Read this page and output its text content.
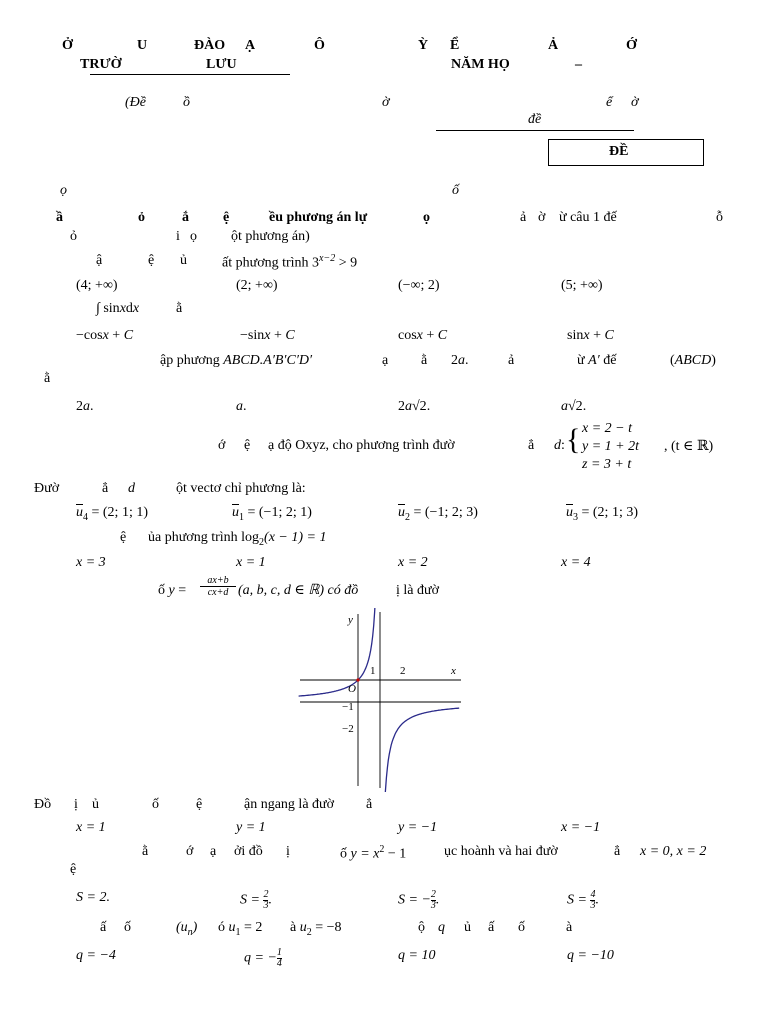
Ở	U	ĐÀO Ạ	Ô	Ỳ Ể	Ả	Ớ
TRƯỜ	LƯU	NĂM HỌ	–
(Đề	ồ	ờ	ể ờ
đề
ĐỀ
ọ	ố
ầ	ỏ	ắ ệ	ều phương án lự	ọ	ả ờ ừ câu 1 đế	ỗ
ỏ	i ọ ột phương án)
ậ	ệ ủ	ất phương trình $3^{x-2} > 9$
(4; +∞)	(2; +∞)	(−∞; 2)	(5; +∞)
∫ sinxdx	ằ
−cosx + C	−sinx + C	cosx + C	sinx + C
ập phương ABCD.A′B′C′D′	ạ ằ 2a.	ả	ừ A′ đế	(ABCD)
ằ
2a.	a.	2a√2.	a√2.
ớ ệ ạ độ Oxyz, cho phương trình đườ	ẳ d: { x = 2 − t
y = 1 + 2t
z = 3 + t
, (t ∈ ℝ)
Đườ	ẳ d	ột vectơ chỉ phương là:
$\overline{u}_4 = (2$; 1; 1)	$\overline{u}_1 = (-1$; 2; 1)	$\overline{u}_2 = (-1$; 2; 3)	$\overline{u}_3 = (2$; 1; 3)
ệ ủa phương trình $\log_2(x - 1) = 1$
x = 3	x = 1	x = 2	x = 4
ố $y = \frac{ax+b}{cx+d} (a$, b, c, d ∈ ℝ) có đồ	ị là đườ
y
x
O
1 2
−1
−2
Đồ ị ủ	ố	ệ	ận ngang là đườ ẳ
x = 1	y = 1	y = −1	x = −1
ằ	ớ ạ ởi đồ ị	ố $y = x^2 - 1$	ục hoành và hai đườ	ẳ x = 0, x = 2
ệ
S = 2.	$S = \frac{2}{3}$ .	S = − $\frac{2}{3}$ .	$S = \frac{4}{3}$ .
ấ ố	$(u_n)$ ó $u_1 = 2$ à $u_2 = -8$	ộ q ủ ấ ố	à
q = −4	q = − $\frac{1}{4}$	q = 10	q = −10
